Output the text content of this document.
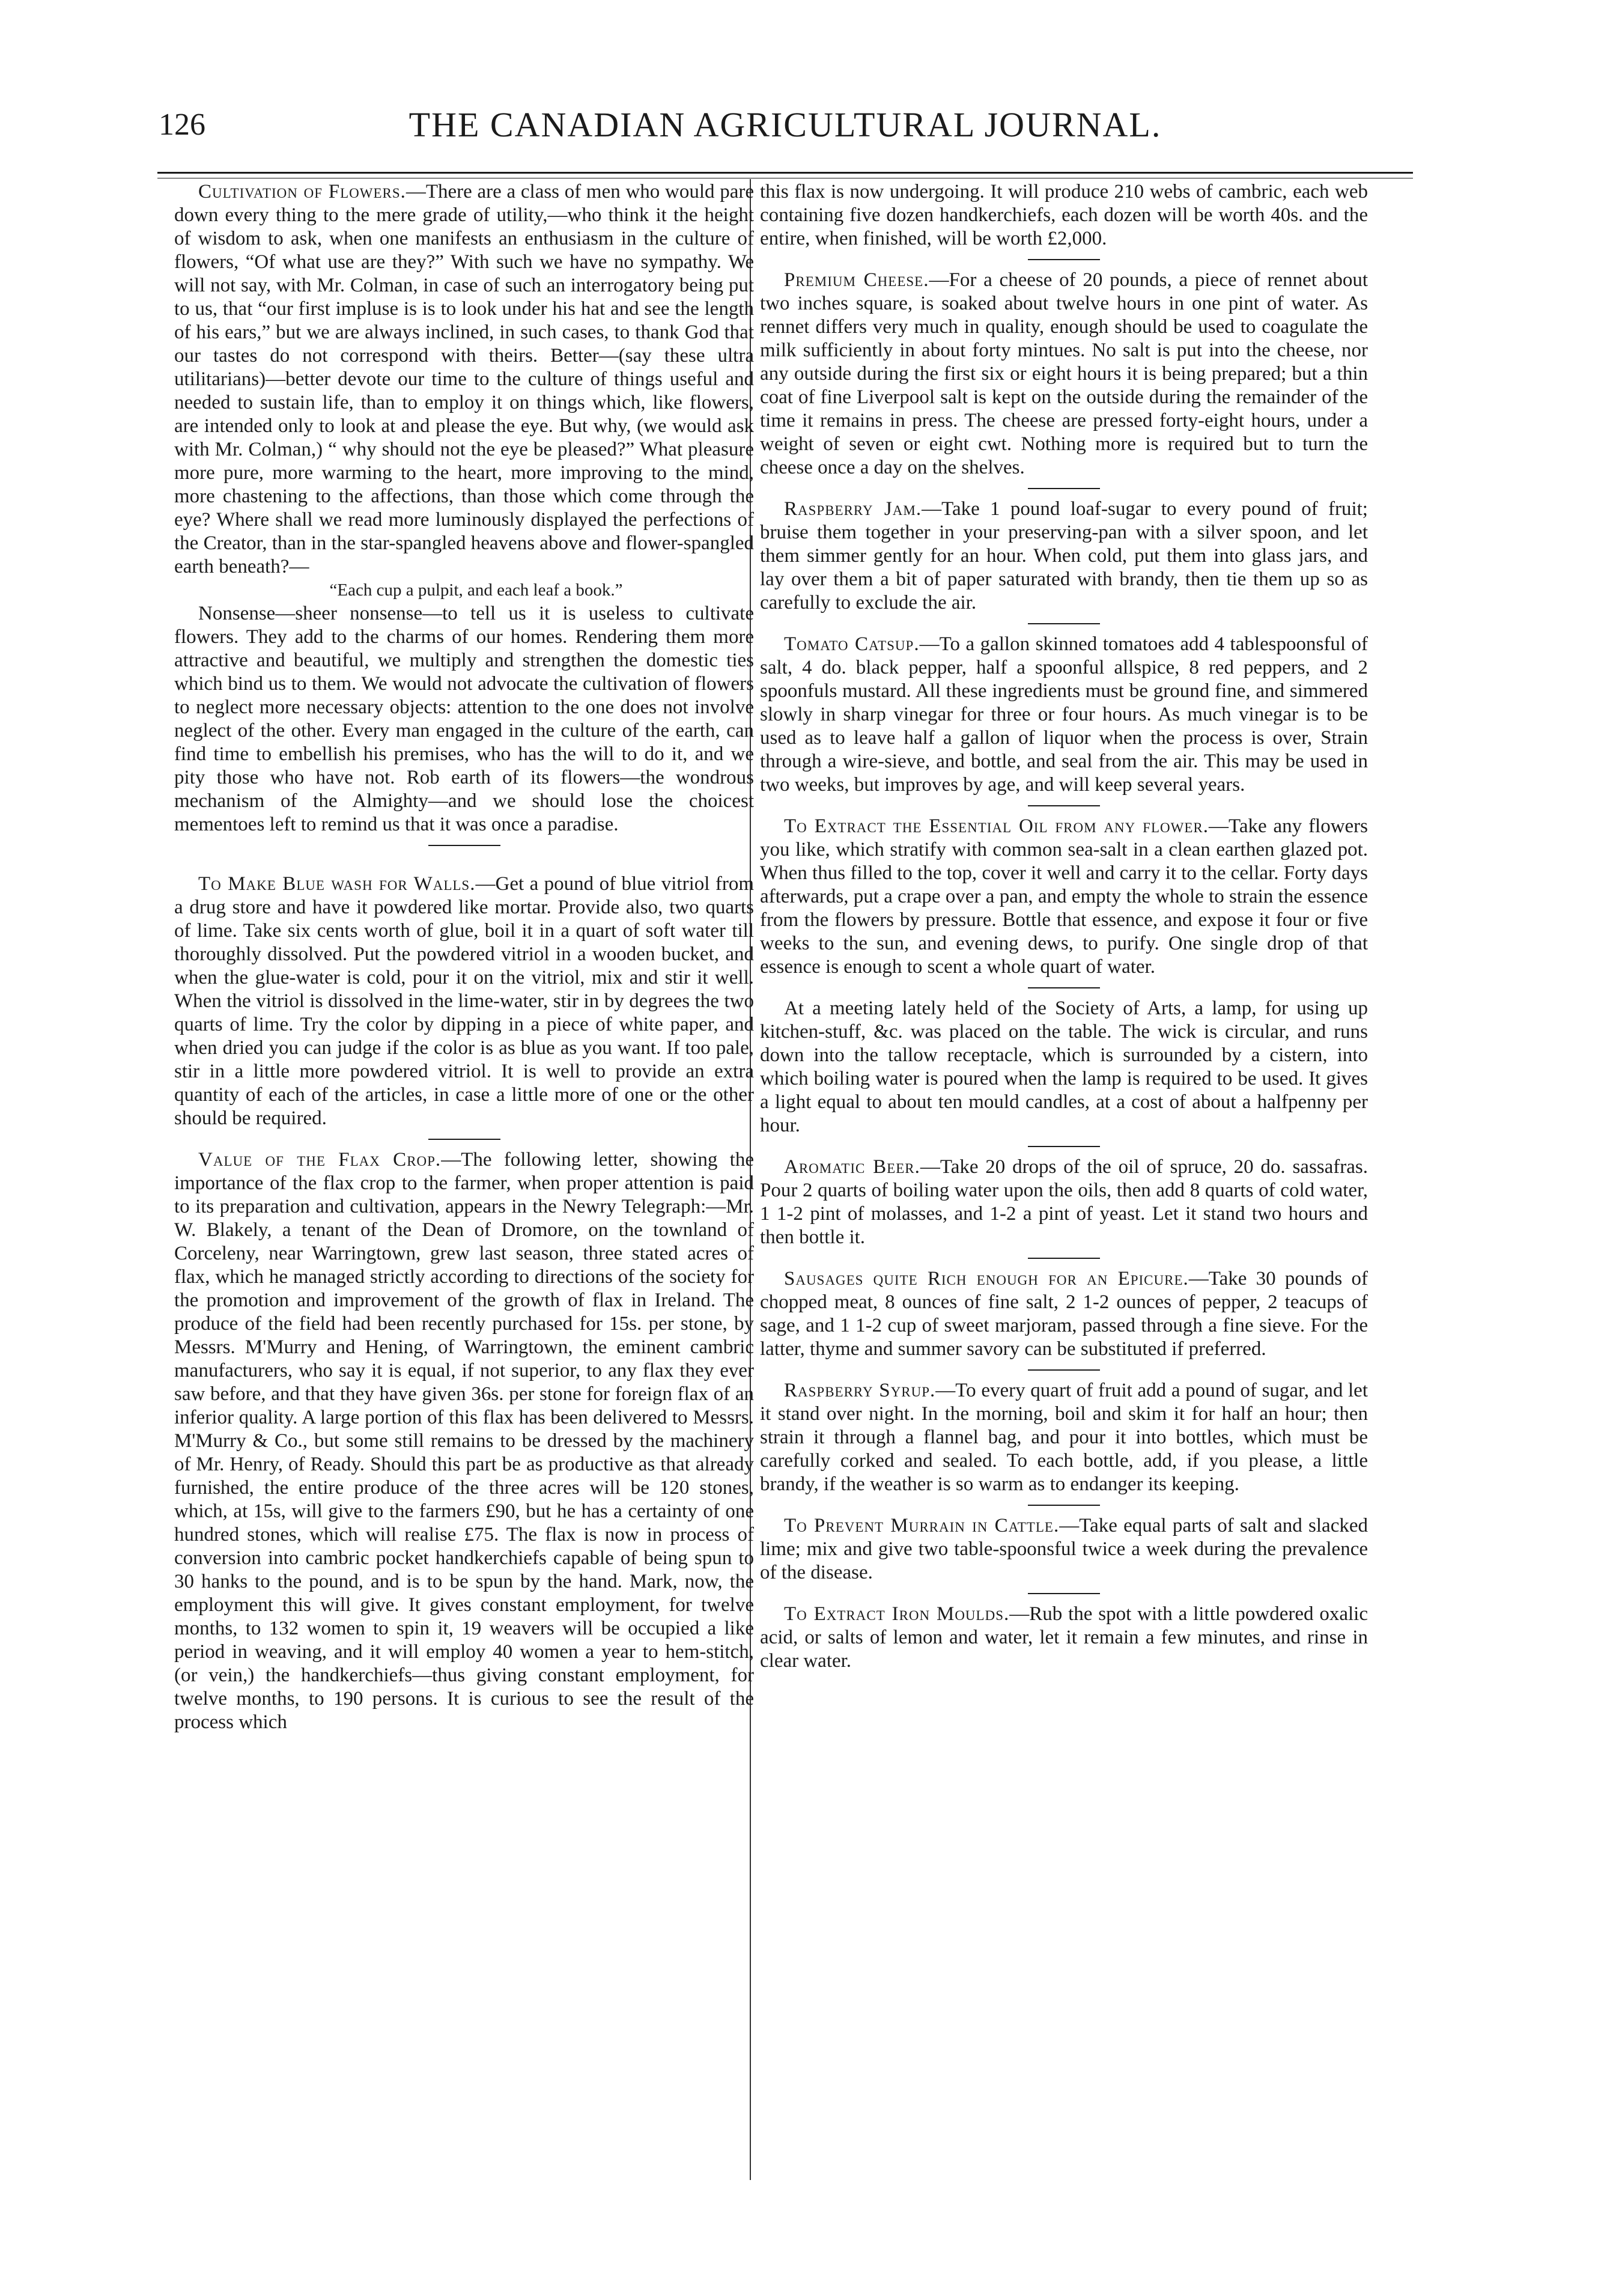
126	THE CANADIAN AGRICULTURAL JOURNAL.

Cultivation of Flowers.—There are a class of men who would pare down every thing to the mere grade of utility,—who think it the height of wisdom to ask, when one manifests an enthusiasm in the culture of flowers, “Of what use are they?” With such we have no sympathy. We will not say, with Mr. Colman, in case of such an interrogatory being put to us, that “our first impluse is is to look under his hat and see the length of his ears,” but we are always inclined, in such cases, to thank God that our tastes do not correspond with theirs. Better—(say these ultra utilitarians)—better devote our time to the culture of things useful and needed to sustain life, than to employ it on things which, like flowers, are intended only to look at and please the eye. But why, (we would ask with Mr. Colman,) “ why should not the eye be pleased?” What pleasure more pure, more warming to the heart, more improving to the mind, more chastening to the affections, than those which come through the eye? Where shall we read more luminously displayed the perfections of the Creator, than in the star-spangled heavens above and flower-spangled earth beneath?—

“Each cup a pulpit, and each leaf a book.”

Nonsense—sheer nonsense—to tell us it is useless to cultivate flowers. They add to the charms of our homes. Rendering them more attractive and beautiful, we multiply and strengthen the domestic ties which bind us to them. We would not advocate the cultivation of flowers to neglect more necessary objects: attention to the one does not involve neglect of the other. Every man engaged in the culture of the earth, can find time to embellish his premises, who has the will to do it, and we pity those who have not. Rob earth of its flowers—the wondrous mechanism of the Almighty—and we should lose the choicest mementoes left to remind us that it was once a paradise.

To Make Blue wash for Walls.—Get a pound of blue vitriol from a drug store and have it powdered like mortar. Provide also, two quarts of lime. Take six cents worth of glue, boil it in a quart of soft water till thoroughly dissolved. Put the powdered vitriol in a wooden bucket, and when the glue-water is cold, pour it on the vitriol, mix and stir it well. When the vitriol is dissolved in the lime-water, stir in by degrees the two quarts of lime. Try the color by dipping in a piece of white paper, and when dried you can judge if the color is as blue as you want. If too pale, stir in a little more powdered vitriol. It is well to provide an extra quantity of each of the articles, in case a little more of one or the other should be required.

Value of the Flax Crop.—The following letter, showing the importance of the flax crop to the farmer, when proper attention is paid to its preparation and cultivation, appears in the Newry Telegraph:—Mr. W. Blakely, a tenant of the Dean of Dromore, on the townland of Corceleny, near Warringtown, grew last season, three stated acres of flax, which he managed strictly according to directions of the society for the promotion and improvement of the growth of flax in Ireland. The produce of the field had been recently purchased for 15s. per stone, by Messrs. M'Murry and Hening, of Warringtown, the eminent cambric manufacturers, who say it is equal, if not superior, to any flax they ever saw before, and that they have given 36s. per stone for foreign flax of an inferior quality. A large portion of this flax has been delivered to Messrs. M'Murry & Co., but some still remains to be dressed by the machinery of Mr. Henry, of Ready. Should this part be as productive as that already furnished, the entire produce of the three acres will be 120 stones, which, at 15s, will give to the farmers £90, but he has a certainty of one hundred stones, which will realise £75. The flax is now in process of conversion into cambric pocket handkerchiefs capable of being spun to 30 hanks to the pound, and is to be spun by the hand. Mark, now, the employment this will give. It gives constant employment, for twelve months, to 132 women to spin it, 19 weavers will be occupied a like period in weaving, and it will employ 40 women a year to hem-stitch, (or vein,) the handkerchiefs—thus giving constant employment, for twelve months, to 190 persons. It is curious to see the result of the process which

this flax is now undergoing. It will produce 210 webs of cambric, each web containing five dozen handkerchiefs, each dozen will be worth 40s. and the entire, when finished, will be worth £2,000.

Premium Cheese.—For a cheese of 20 pounds, a piece of rennet about two inches square, is soaked about twelve hours in one pint of water. As rennet differs very much in quality, enough should be used to coagulate the milk sufficiently in about forty mintues. No salt is put into the cheese, nor any outside during the first six or eight hours it is being prepared; but a thin coat of fine Liverpool salt is kept on the outside during the remainder of the time it remains in press. The cheese are pressed forty-eight hours, under a weight of seven or eight cwt. Nothing more is required but to turn the cheese once a day on the shelves.

Raspberry Jam.—Take 1 pound loaf-sugar to every pound of fruit; bruise them together in your preserving-pan with a silver spoon, and let them simmer gently for an hour. When cold, put them into glass jars, and lay over them a bit of paper saturated with brandy, then tie them up so as carefully to exclude the air.

Tomato Catsup.—To a gallon skinned tomatoes add 4 tablespoonsful of salt, 4 do. black pepper, half a spoonful allspice, 8 red peppers, and 2 spoonfuls mustard. All these ingredients must be ground fine, and simmered slowly in sharp vinegar for three or four hours. As much vinegar is to be used as to leave half a gallon of liquor when the process is over, Strain through a wire-sieve, and bottle, and seal from the air. This may be used in two weeks, but improves by age, and will keep several years.

To Extract the Essential Oil from any flower.—Take any flowers you like, which stratify with common sea-salt in a clean earthen glazed pot. When thus filled to the top, cover it well and carry it to the cellar. Forty days afterwards, put a crape over a pan, and empty the whole to strain the essence from the flowers by pressure. Bottle that essence, and expose it four or five weeks to the sun, and evening dews, to purify. One single drop of that essence is enough to scent a whole quart of water.

At a meeting lately held of the Society of Arts, a lamp, for using up kitchen-stuff, &c. was placed on the table. The wick is circular, and runs down into the tallow receptacle, which is surrounded by a cistern, into which boiling water is poured when the lamp is required to be used. It gives a light equal to about ten mould candles, at a cost of about a halfpenny per hour.

Aromatic Beer.—Take 20 drops of the oil of spruce, 20 do. sassafras. Pour 2 quarts of boiling water upon the oils, then add 8 quarts of cold water, 1 1-2 pint of molasses, and 1-2 a pint of yeast. Let it stand two hours and then bottle it.

Sausages quite Rich enough for an Epicure.—Take 30 pounds of chopped meat, 8 ounces of fine salt, 2 1-2 ounces of pepper, 2 teacups of sage, and 1 1-2 cup of sweet marjoram, passed through a fine sieve. For the latter, thyme and summer savory can be substituted if preferred.

Raspberry Syrup.—To every quart of fruit add a pound of sugar, and let it stand over night. In the morning, boil and skim it for half an hour; then strain it through a flannel bag, and pour it into bottles, which must be carefully corked and sealed. To each bottle, add, if you please, a little brandy, if the weather is so warm as to endanger its keeping.

To Prevent Murrain in Cattle.—Take equal parts of salt and slacked lime; mix and give two table-spoonsful twice a week during the prevalence of the disease.

To Extract Iron Moulds.—Rub the spot with a little powdered oxalic acid, or salts of lemon and water, let it remain a few minutes, and rinse in clear water.
